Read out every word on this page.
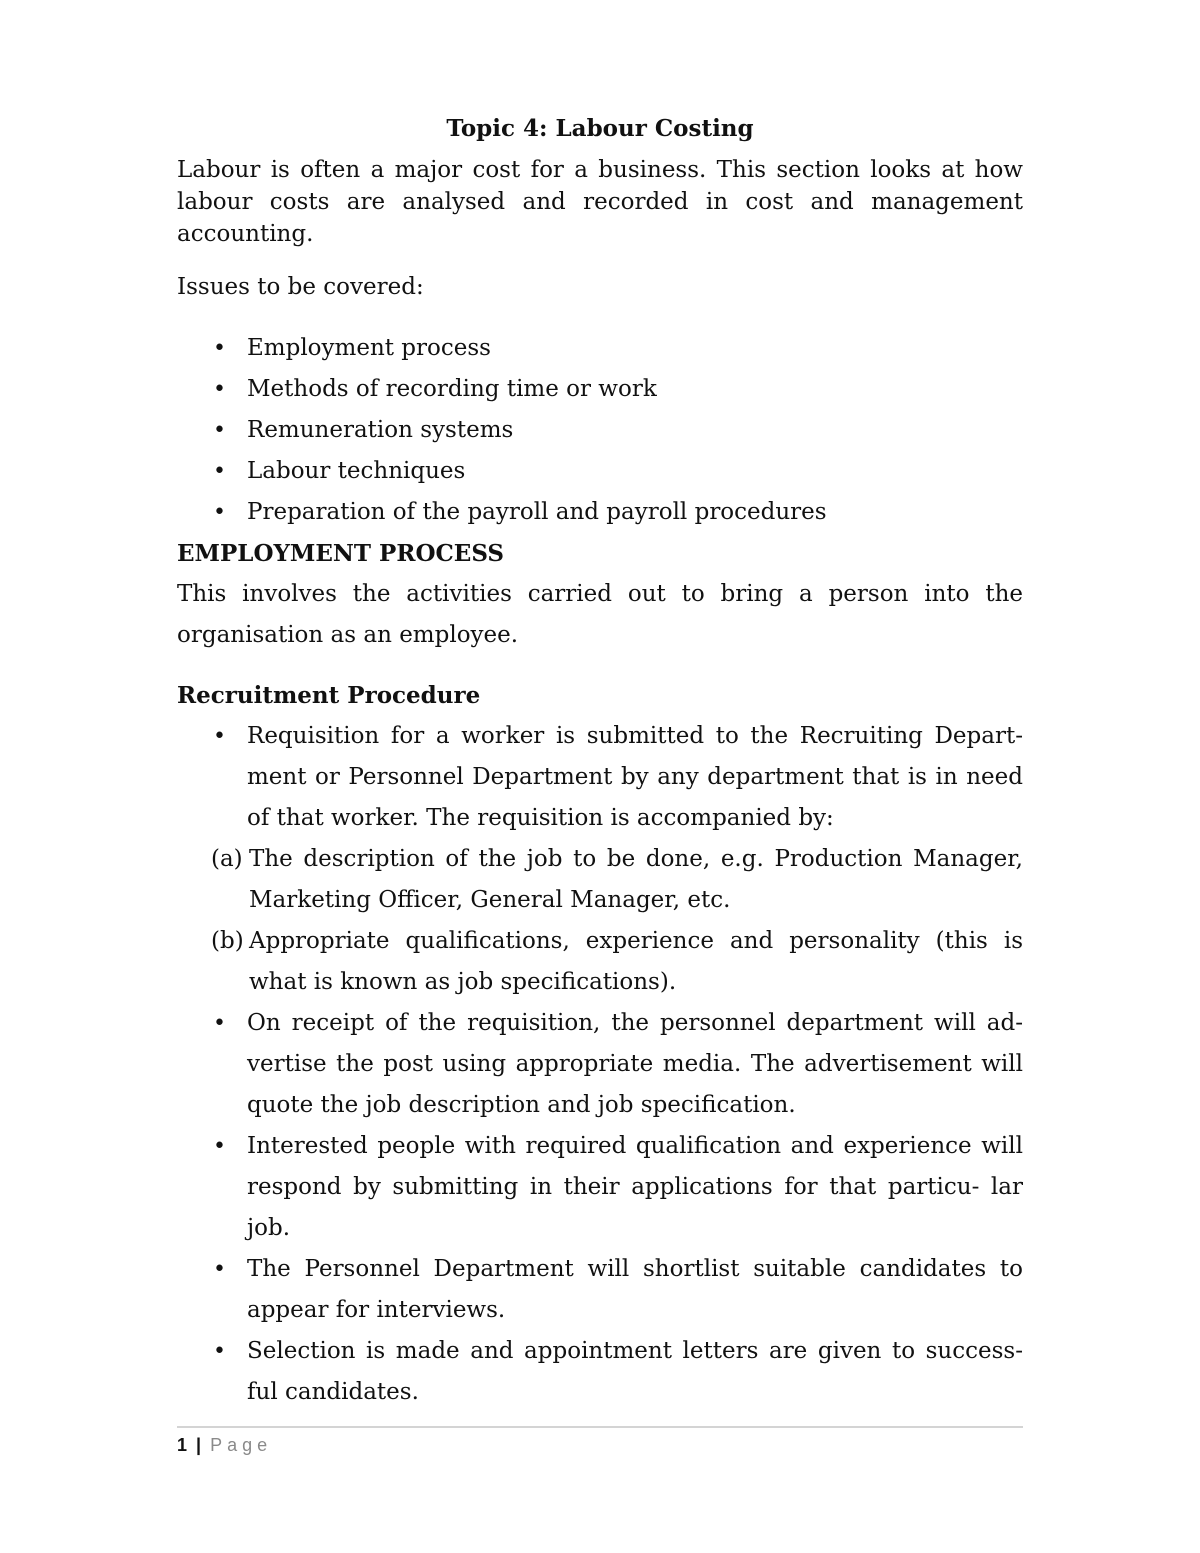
Topic 4: Labour Costing

Labour is often a major cost for a business. This section looks at how labour costs are analysed and recorded in cost and management accounting.

Issues to be covered:

• Employment process
• Methods of recording time or work
• Remuneration systems
• Labour techniques
• Preparation of the payroll and payroll procedures

EMPLOYMENT PROCESS

This involves the activities carried out to bring a person into the organisation as an employee.

Recruitment Procedure

• Requisition for a worker is submitted to the Recruiting Depart- ment or Personnel Department by any department that is in need of that worker. The requisition is accompanied by:
(a) The description of the job to be done, e.g. Production Manager, Marketing Officer, General Manager, etc.
(b) Appropriate qualifications, experience and personality (this is what is known as job specifications).
• On receipt of the requisition, the personnel department will ad- vertise the post using appropriate media. The advertisement will quote the job description and job specification.
• Interested people with required qualification and experience will respond by submitting in their applications for that particu- lar job.
• The Personnel Department will shortlist suitable candidates to appear for interviews.
• Selection is made and appointment letters are given to success- ful candidates.
1 | Page
